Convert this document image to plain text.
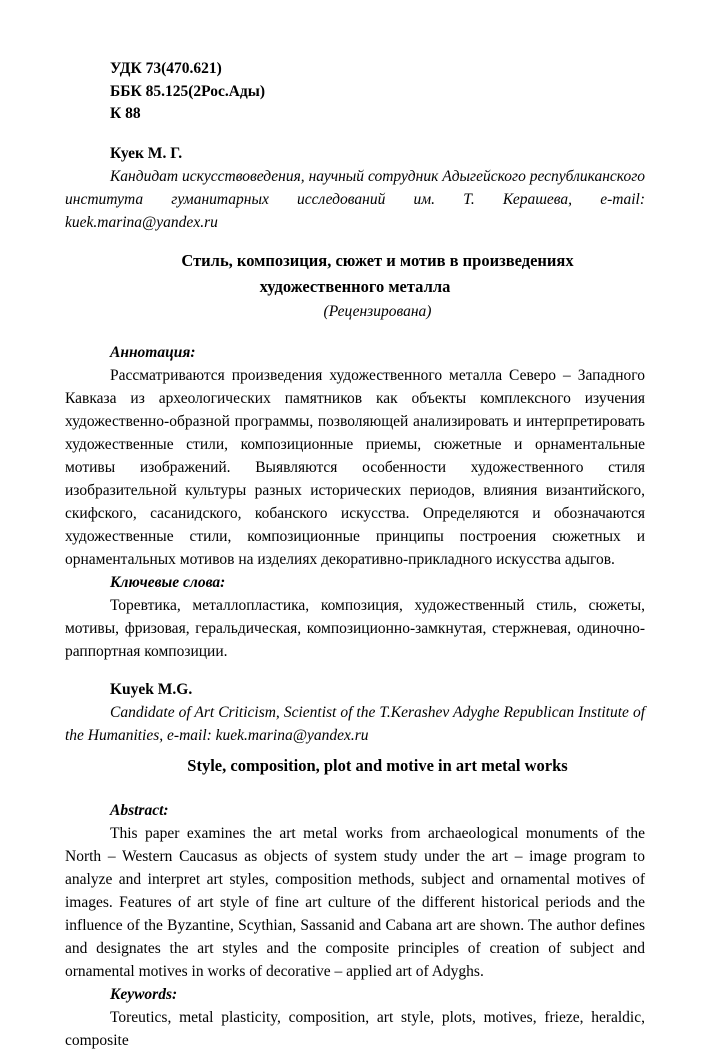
УДК 73(470.621)
ББК 85.125(2Рос.Ады)
К 88
Куек М. Г.

Кандидат искусствоведения, научный сотрудник Адыгейского республиканского института гуманитарных исследований им. Т. Керашева, e-mail: kuek.marina@yandex.ru

Стиль, композиция, сюжет и мотив в произведениях
художественного металла
(Рецензирована)
Аннотация:

Рассматриваются произведения художественного металла Северо – Западного Кавказа из археологических памятников как объекты комплексного изучения художественно-образной программы, позволяющей анализировать и интерпретировать художественные стили, композиционные приемы, сюжетные и орнаментальные мотивы изображений. Выявляются особенности художественного стиля изобразительной культуры разных исторических периодов, влияния византийского, скифского, сасанидского, кобанского искусства. Определяются и обозначаются художественные стили, композиционные принципы построения сюжетных и орнаментальных мотивов на изделиях декоративно-прикладного искусства адыгов.

Ключевые слова:

Торевтика, металлопластика, композиция, художественный стиль, сюжеты, мотивы, фризовая, геральдическая, композиционно-замкнутая, стержневая, одиночно- раппортная композиции.

Kuyek M.G.

Candidate of Art Criticism, Scientist of the T.Kerashev Adyghe Republican Institute of the Humanities, e-mail: kuek.marina@yandex.ru

Style, composition, plot and motive in art metal works
Abstract:

This paper examines the art metal works from archaeological monuments of the North – Western Caucasus as objects of system study under the art – image program to analyze and interpret art styles, composition methods, subject and ornamental motives of images. Features of art style of fine art culture of the different historical periods and the influence of the Byzantine, Scythian, Sassanid and Cabana art are shown. The author defines and designates the art styles and the composite principles of creation of subject and ornamental motives in works of decorative – applied art of Adyghs.

Keywords:

Toreutics, metal plasticity, composition, art style, plots, motives, frieze, heraldic, composite
